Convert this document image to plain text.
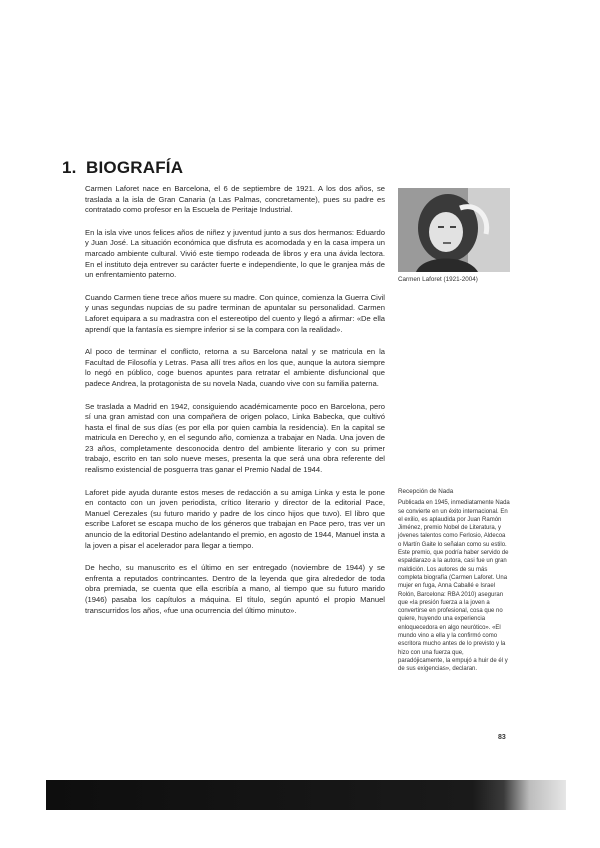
1. BIOGRAFÍA

Carmen Laforet nace en Barcelona, el 6 de septiembre de 1921. A los dos años, se traslada a la isla de Gran Canaria (a Las Palmas, concretamente), pues su padre es contratado como profesor en la Escuela de Peritaje Industrial.

En la isla vive unos felices años de niñez y juventud junto a sus dos hermanos: Eduardo y Juan José. La situación económica que disfruta es acomodada y en la casa impera un marcado ambiente cultural. Vivió este tiempo rodeada de libros y era una ávida lectora. En el instituto deja entrever su carácter fuerte e independiente, lo que le granjea más de un enfrentamiento paterno.

Cuando Carmen tiene trece años muere su madre. Con quince, comienza la Guerra Civil y unas segundas nupcias de su padre terminan de apuntalar su personalidad. Carmen Laforet equipara a su madrastra con el estereotipo del cuento y llegó a afirmar: «De ella aprendí que la fantasía es siempre inferior si se la compara con la realidad».

Al poco de terminar el conflicto, retorna a su Barcelona natal y se matricula en la Facultad de Filosofía y Letras. Pasa allí tres años en los que, aunque la autora siempre lo negó en público, coge buenos apuntes para retratar el ambiente disfuncional que padece Andrea, la protagonista de su novela Nada, cuando vive con su familia paterna.

Se traslada a Madrid en 1942, consiguiendo académicamente poco en Barcelona, pero sí una gran amistad con una compañera de origen polaco, Linka Babecka, que cultivó hasta el final de sus días (es por ella por quien cambia la residencia). En la capital se matricula en Derecho y, en el segundo año, comienza a trabajar en Nada. Una joven de 23 años, completamente desconocida dentro del ambiente literario y con su primer trabajo, escrito en tan solo nueve meses, presenta la que será una obra referente del realismo existencial de posguerra tras ganar el Premio Nadal de 1944.

Laforet pide ayuda durante estos meses de redacción a su amiga Linka y esta le pone en contacto con un joven periodista, crítico literario y director de la editorial Pace, Manuel Cerezales (su futuro marido y padre de los cinco hijos que tuvo). El libro que escribe Laforet se escapa mucho de los géneros que trabajan en Pace pero, tras ver un anuncio de la editorial Destino adelantando el premio, en agosto de 1944, Manuel insta a la joven a pisar el acelerador para llegar a tiempo.

De hecho, su manuscrito es el último en ser entregado (noviembre de 1944) y se enfrenta a reputados contrincantes. Dentro de la leyenda que gira alrededor de toda obra premiada, se cuenta que ella escribía a mano, al tiempo que su futuro marido (1946) pasaba los capítulos a máquina. El título, según apuntó el propio Manuel transcurridos los años, «fue una ocurrencia del último minuto».

Carmen Laforet (1921-2004)

Recepción de Nada

Publicada en 1945, inmediatamente Nada se convierte en un éxito internacional. En el exilio, es aplaudida por Juan Ramón Jiménez, premio Nobel de Literatura, y jóvenes talentos como Ferlosio, Aldecoa o Martín Gaite lo señalan como su estilo. Este premio, que podría haber servido de espaldarazo a la autora, casi fue un gran maldición. Los autores de su más completa biografía (Carmen Laforet. Una mujer en fuga, Anna Caballé e Israel Rolón, Barcelona: RBA 2010) aseguran que «la presión fuerza a la joven a convertirse en profesional, cosa que no quiere, huyendo una experiencia enloquecedora en algo neurótico». «El mundo vino a ella y la confirmó como escritora mucho antes de lo previsto y la hizo con una fuerza que, paradójicamente, la empujó a huir de él y de sus exigencias», declaran.

83
